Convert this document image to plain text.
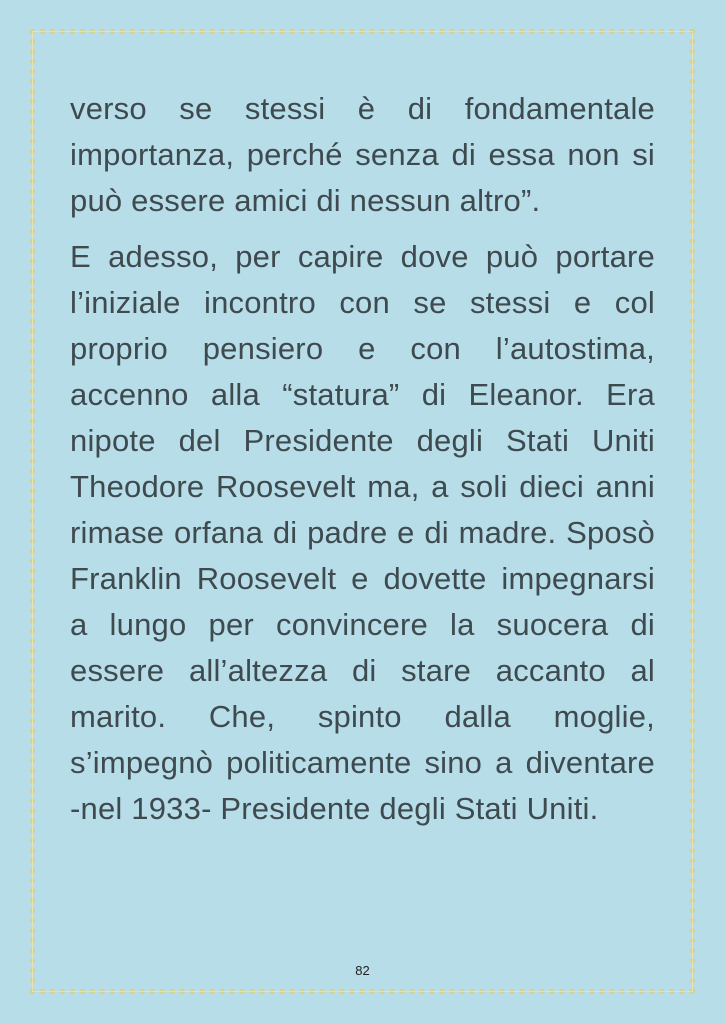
verso se stessi è di fondamentale importanza, perché senza di essa non si può essere amici di nessun altro”.

E adesso, per capire dove può portare l’iniziale incontro con se stessi e col proprio pensiero e con l’autostima, accenno alla “statura” di Eleanor. Era nipote del Presidente degli Stati Uniti Theodore Roosevelt ma, a soli dieci anni rimase orfana di padre e di madre. Sposò Franklin Roosevelt e dovette impegnarsi a lungo per convincere la suocera di essere all’altezza di stare accanto al marito. Che, spinto dalla moglie, s’impegnò politicamente sino a diventare -nel 1933- Presidente degli Stati Uniti.

82
